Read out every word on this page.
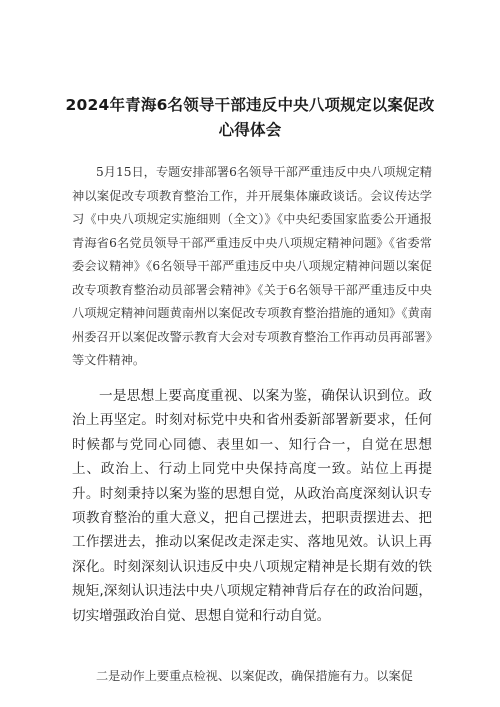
2024年青海6名领导干部违反中央八项规定以案促改
心得体会
5月15日，专题安排部署6名领导干部严重违反中央八项规定精神以案促改专项教育整治工作，并开展集体廉政谈话。会议传达学习《中央八项规定实施细则（全文）》《中央纪委国家监委公开通报青海省6名党员领导干部严重违反中央八项规定精神问题》《省委常委会议精神》《6名领导干部严重违反中央八项规定精神问题以案促改专项教育整治动员部署会精神》《关于6名领导干部严重违反中央八项规定精神问题黄南州以案促改专项教育整治措施的通知》《黄南州委召开以案促改警示教育大会对专项教育整治工作再动员再部署》等文件精神。
一是思想上要高度重视、以案为鉴，确保认识到位。政治上再坚定。时刻对标党中央和省州委新部署新要求，任何时候都与党同心同德、表里如一、知行合一，自觉在思想上、政治上、行动上同党中央保持高度一致。站位上再提升。时刻秉持以案为鉴的思想自觉，从政治高度深刻认识专项教育整治的重大意义，把自己摆进去，把职责摆进去、把工作摆进去，推动以案促改走深走实、落地见效。认识上再深化。时刻深刻认识违反中央八项规定精神是长期有效的铁规矩,深刻认识违法中央八项规定精神背后存在的政治问题，切实增强政治自觉、思想自觉和行动自觉。
二是动作上要重点检视、以案促改，确保措施有力。以案促
